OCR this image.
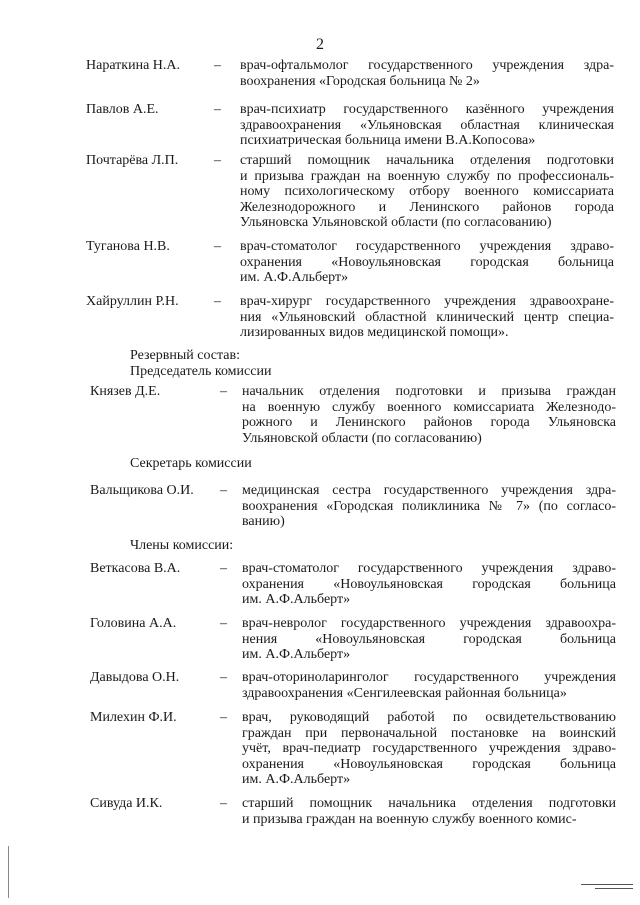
2
Нараткина Н.А. – врач-офтальмолог государственного учреждения здра-
воохранения «Городская больница № 2»
Павлов А.Е.	– врач-психиатр государственного казённого учреждения
здравоохранения «Ульяновская областная клиническая
психиатрическая больница имени В.А.Копосова»
Почтарёва Л.П.	– старший помощник начальника отделения подготовки
и призыва граждан на военную службу по профессиональ-
ному психологическому отбору военного комиссариата
Железнодорожного и Ленинского районов города
Ульяновска Ульяновской области (по согласованию)
Туганова Н.В.	– врач-стоматолог государственного учреждения здраво-
охранения «Новоульяновская городская больница
им. А.Ф.Альберт»
Хайруллин Р.Н.	– врач-хирург государственного учреждения здравоохране-
ния «Ульяновский областной клинический центр специа-
лизированных видов медицинской помощи».
Резервный состав:
Председатель комиссии
Князев Д.Е.	– начальник отделения подготовки и призыва граждан
на военную службу военного комиссариата Железнодо-
рожного и Ленинского районов города Ульяновска
Ульяновской области (по согласованию)
Секретарь комиссии
Вальщикова О.И. – медицинская сестра государственного учреждения здра-
воохранения «Городская поликлиника № 7» (по согласо-
ванию)
Члены комиссии:
Веткасова В.А.	– врач-стоматолог государственного учреждения здраво-
охранения «Новоульяновская городская больница
им. А.Ф.Альберт»
Головина А.А.	– врач-невролог государственного учреждения здравоохра-
нения «Новоульяновская городская больница
им. А.Ф.Альберт»
Давыдова О.Н.	– врач-оториноларинголог государственного учреждения
здравоохранения «Сенгилеевская районная больница»
Милехин Ф.И.	– врач, руководящий работой по освидетельствованию
граждан при первоначальной постановке на воинский
учёт, врач-педиатр государственного учреждения здраво-
охранения «Новоульяновская городская больница
им. А.Ф.Альберт»
Сивуда И.К.	– старший помощник начальника отделения подготовки
и призыва граждан на военную службу военного комис-
